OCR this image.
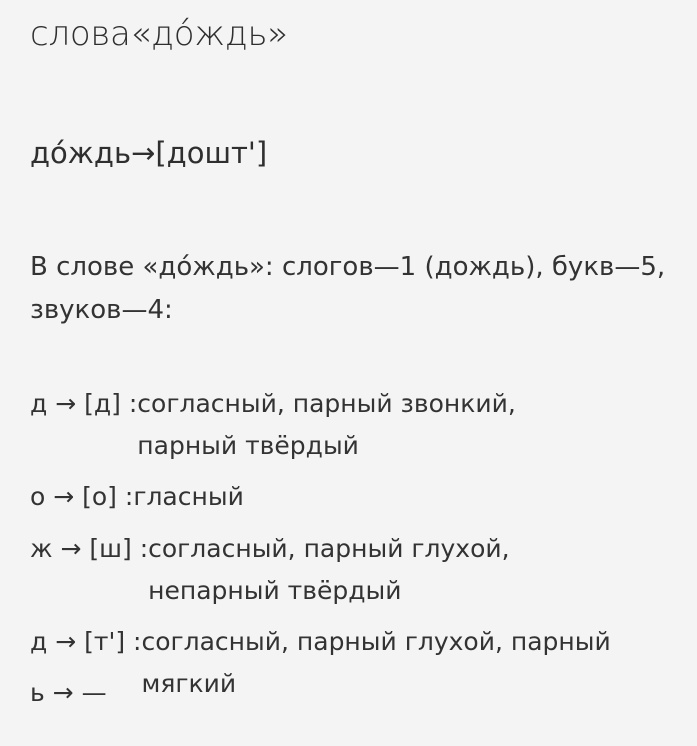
слова«до́ждь»
до́ждь→[дошт']
В слове «до́ждь»: слогов—1 (дождь), букв—5, звуков—4:
д → [д] : согласный, парный звонкий, парный твёрдый
о → [о] : гласный
ж → [ш] : согласный, парный глухой, непарный твёрдый
д → [т'] : согласный, парный глухой, парный мягкий
ь → —
